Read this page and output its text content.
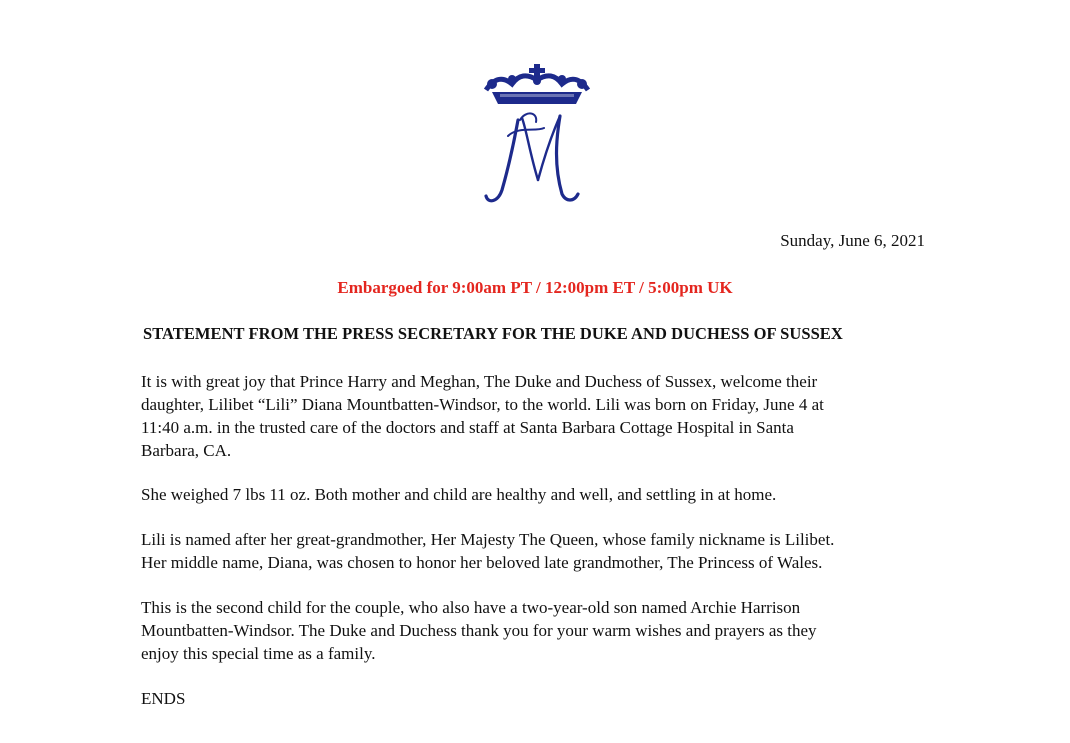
Sunday, June 6, 2021
Embargoed for 9:00am PT / 12:00pm ET / 5:00pm UK
STATEMENT FROM THE PRESS SECRETARY FOR THE DUKE AND DUCHESS OF SUSSEX

It is with great joy that Prince Harry and Meghan, The Duke and Duchess of Sussex, welcome their
daughter, Lilibet “Lili” Diana Mountbatten-Windsor, to the world. Lili was born on Friday, June 4 at
11:40 a.m. in the trusted care of the doctors and staff at Santa Barbara Cottage Hospital in Santa
Barbara, CA.

She weighed 7 lbs 11 oz. Both mother and child are healthy and well, and settling in at home.

Lili is named after her great-grandmother, Her Majesty The Queen, whose family nickname is Lilibet.
Her middle name, Diana, was chosen to honor her beloved late grandmother, The Princess of Wales.

This is the second child for the couple, who also have a two-year-old son named Archie Harrison
Mountbatten-Windsor. The Duke and Duchess thank you for your warm wishes and prayers as they
enjoy this special time as a family.

ENDS
